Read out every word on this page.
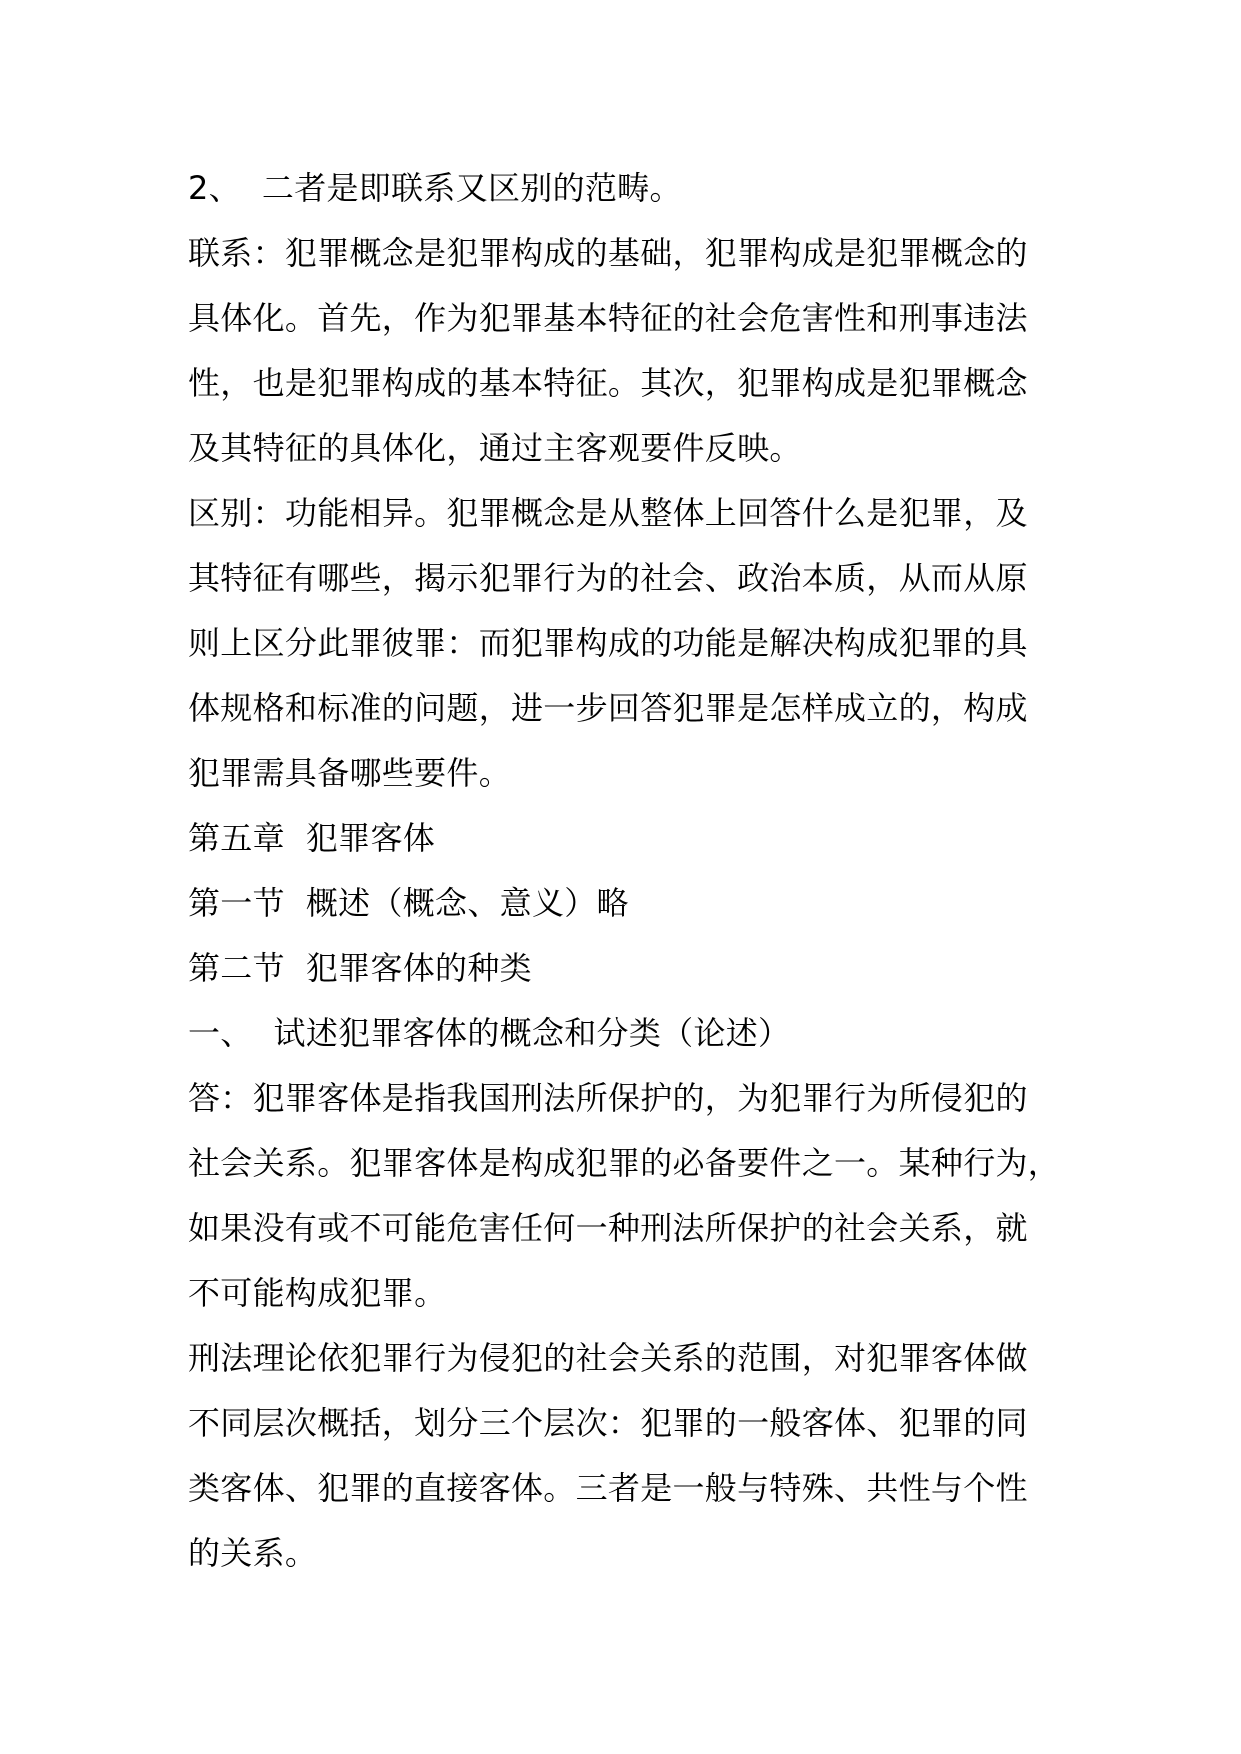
2、  二者是即联系又区别的范畴。

联系：犯罪概念是犯罪构成的基础，犯罪构成是犯罪概念的
具体化。首先，作为犯罪基本特征的社会危害性和刑事违法
性，也是犯罪构成的基本特征。其次，犯罪构成是犯罪概念
及其特征的具体化，通过主客观要件反映。

区别：功能相异。犯罪概念是从整体上回答什么是犯罪，及
其特征有哪些，揭示犯罪行为的社会、政治本质，从而从原
则上区分此罪彼罪：而犯罪构成的功能是解决构成犯罪的具
体规格和标准的问题，进一步回答犯罪是怎样成立的，构成
犯罪需具备哪些要件。

第五章  犯罪客体

第一节  概述（概念、意义）略

第二节  犯罪客体的种类

一、  试述犯罪客体的概念和分类（论述）

答：犯罪客体是指我国刑法所保护的，为犯罪行为所侵犯的
社会关系。犯罪客体是构成犯罪的必备要件之一。某种行为，
如果没有或不可能危害任何一种刑法所保护的社会关系，就
不可能构成犯罪。

刑法理论依犯罪行为侵犯的社会关系的范围，对犯罪客体做
不同层次概括，划分三个层次：犯罪的一般客体、犯罪的同
类客体、犯罪的直接客体。三者是一般与特殊、共性与个性
的关系。
